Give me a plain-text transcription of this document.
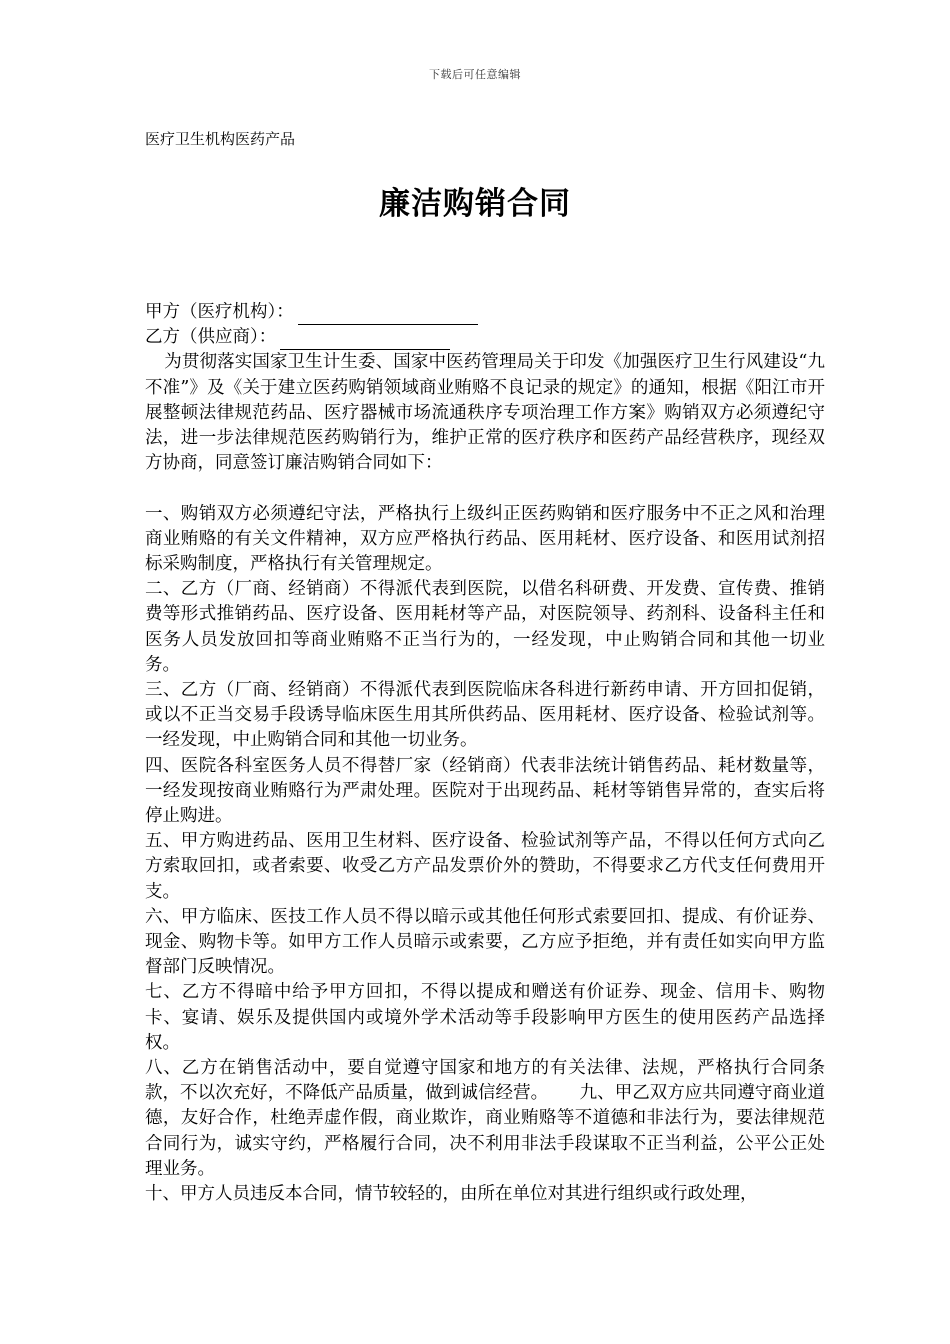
下载后可任意编辑
医疗卫生机构医药产品
廉洁购销合同
甲方（医疗机构）：
乙方（供应商）：

为贯彻落实国家卫生计生委、国家中医药管理局关于印发《加强医疗卫生行风建设“九不准”》及《关于建立医药购销领域商业贿赂不良记录的规定》的通知，根据《阳江市开展整顿法律规范药品、医疗器械市场流通秩序专项治理工作方案》购销双方必须遵纪守法，进一步法律规范医药购销行为，维护正常的医疗秩序和医药产品经营秩序，现经双方协商，同意签订廉洁购销合同如下：

一、购销双方必须遵纪守法，严格执行上级纠正医药购销和医疗服务中不正之风和治理商业贿赂的有关文件精神，双方应严格执行药品、医用耗材、医疗设备、和医用试剂招标采购制度，严格执行有关管理规定。

二、乙方（厂商、经销商）不得派代表到医院，以借名科研费、开发费、宣传费、推销费等形式推销药品、医疗设备、医用耗材等产品，对医院领导、药剂科、设备科主任和医务人员发放回扣等商业贿赂不正当行为的，一经发现，中止购销合同和其他一切业务。

三、乙方（厂商、经销商）不得派代表到医院临床各科进行新药申请、开方回扣促销，或以不正当交易手段诱导临床医生用其所供药品、医用耗材、医疗设备、检验试剂等。一经发现，中止购销合同和其他一切业务。

四、医院各科室医务人员不得替厂家（经销商）代表非法统计销售药品、耗材数量等，一经发现按商业贿赂行为严肃处理。医院对于出现药品、耗材等销售异常的，查实后将停止购进。

五、甲方购进药品、医用卫生材料、医疗设备、检验试剂等产品，不得以任何方式向乙方索取回扣，或者索要、收受乙方产品发票价外的赞助，不得要求乙方代支任何费用开支。

六、甲方临床、医技工作人员不得以暗示或其他任何形式索要回扣、提成、有价证券、现金、购物卡等。如甲方工作人员暗示或索要，乙方应予拒绝，并有责任如实向甲方监督部门反映情况。

七、乙方不得暗中给予甲方回扣，不得以提成和赠送有价证券、现金、信用卡、购物卡、宴请、娱乐及提供国内或境外学术活动等手段影响甲方医生的使用医药产品选择权。

八、乙方在销售活动中，要自觉遵守国家和地方的有关法律、法规，严格执行合同条款，不以次充好，不降低产品质量，做到诚信经营。 九、甲乙双方应共同遵守商业道德，友好合作，杜绝弄虚作假，商业欺诈，商业贿赂等不道德和非法行为，要法律规范合同行为，诚实守约，严格履行合同，决不利用非法手段谋取不正当利益，公平公正处理业务。

十、甲方人员违反本合同，情节较轻的，由所在单位对其进行组织或行政处理，
